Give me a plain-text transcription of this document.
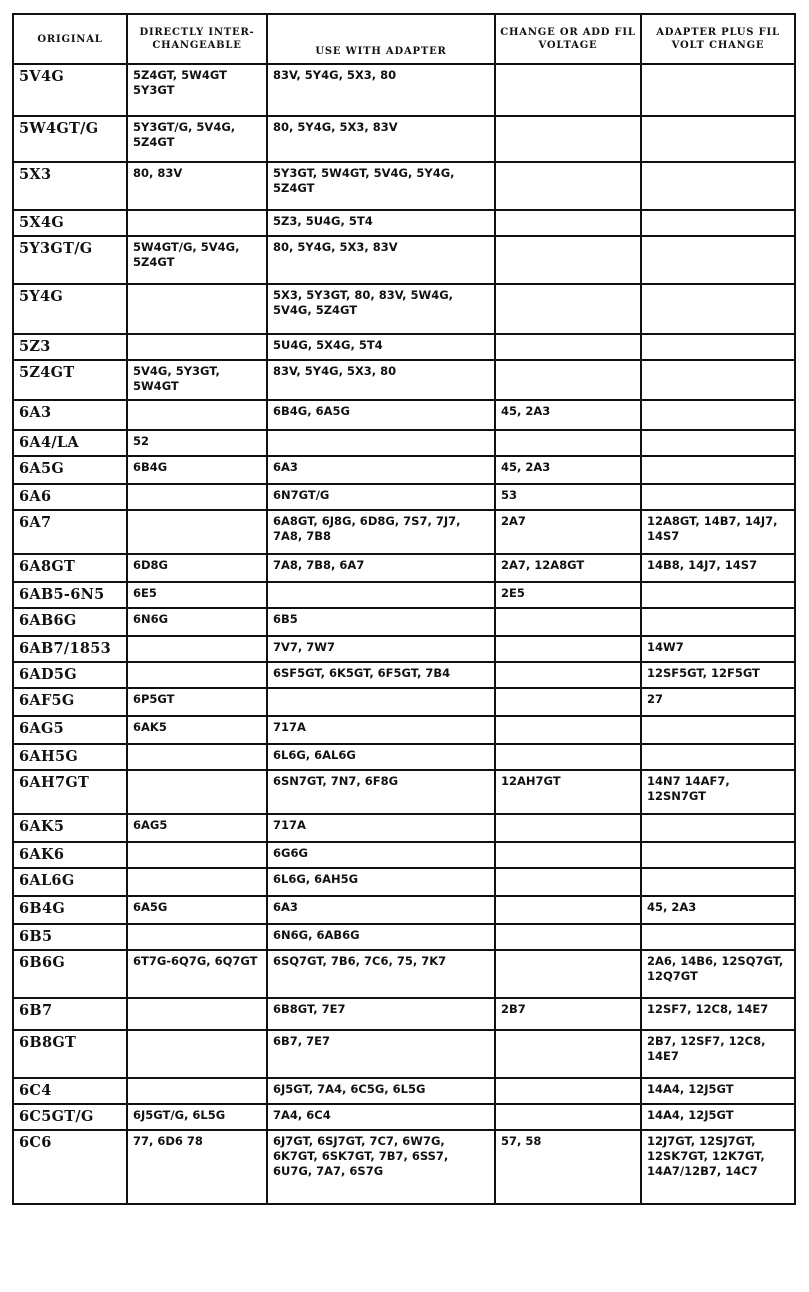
ORIGINAL	DIRECTLY INTER-CHANGEABLE	USE WITH ADAPTER	CHANGE OR ADD FIL VOLTAGE	ADAPTER PLUS FIL VOLT CHANGE
5V4G	5Z4GT, 5W4GT 5Y3GT	83V, 5Y4G, 5X3, 80		
5W4GT/G	5Y3GT/G, 5V4G, 5Z4GT	80, 5Y4G, 5X3, 83V		
5X3	80, 83V	5Y3GT, 5W4GT, 5V4G, 5Y4G, 5Z4GT		
5X4G		5Z3, 5U4G, 5T4		
5Y3GT/G	5W4GT/G, 5V4G, 5Z4GT	80, 5Y4G, 5X3, 83V		
5Y4G		5X3, 5Y3GT, 80, 83V, 5W4G, 5V4G, 5Z4GT		
5Z3		5U4G, 5X4G, 5T4		
5Z4GT	5V4G, 5Y3GT, 5W4GT	83V, 5Y4G, 5X3, 80		
6A3		6B4G, 6A5G	45, 2A3	
6A4/LA	52			
6A5G	6B4G	6A3	45, 2A3	
6A6		6N7GT/G	53	
6A7		6A8GT, 6J8G, 6D8G, 7S7, 7J7, 7A8, 7B8	2A7	12A8GT, 14B7, 14J7, 14S7
6A8GT	6D8G	7A8, 7B8, 6A7	2A7, 12A8GT	14B8, 14J7, 14S7
6AB5-6N5	6E5		2E5	
6AB6G	6N6G	6B5		
6AB7/1853		7V7, 7W7		14W7
6AD5G		6SF5GT, 6K5GT, 6F5GT, 7B4		12SF5GT, 12F5GT
6AF5G	6P5GT			27
6AG5	6AK5	717A		
6AH5G		6L6G, 6AL6G		
6AH7GT		6SN7GT, 7N7, 6F8G	12AH7GT	14N7 14AF7, 12SN7GT
6AK5	6AG5	717A		
6AK6		6G6G		
6AL6G		6L6G, 6AH5G		
6B4G	6A5G	6A3		45, 2A3
6B5		6N6G, 6AB6G		
6B6G	6T7G-6Q7G, 6Q7GT	6SQ7GT, 7B6, 7C6, 75, 7K7		2A6, 14B6, 12SQ7GT, 12Q7GT
6B7		6B8GT, 7E7	2B7	12SF7, 12C8, 14E7
6B8GT		6B7, 7E7		2B7, 12SF7, 12C8, 14E7
6C4		6J5GT, 7A4, 6C5G, 6L5G		14A4, 12J5GT
6C5GT/G	6J5GT/G, 6L5G	7A4, 6C4		14A4, 12J5GT
6C6	77, 6D6 78	6J7GT, 6SJ7GT, 7C7, 6W7G, 6K7GT, 6SK7GT, 7B7, 6SS7, 6U7G, 7A7, 6S7G	57, 58	12J7GT, 12SJ7GT, 12SK7GT, 12K7GT, 14A7/12B7, 14C7
